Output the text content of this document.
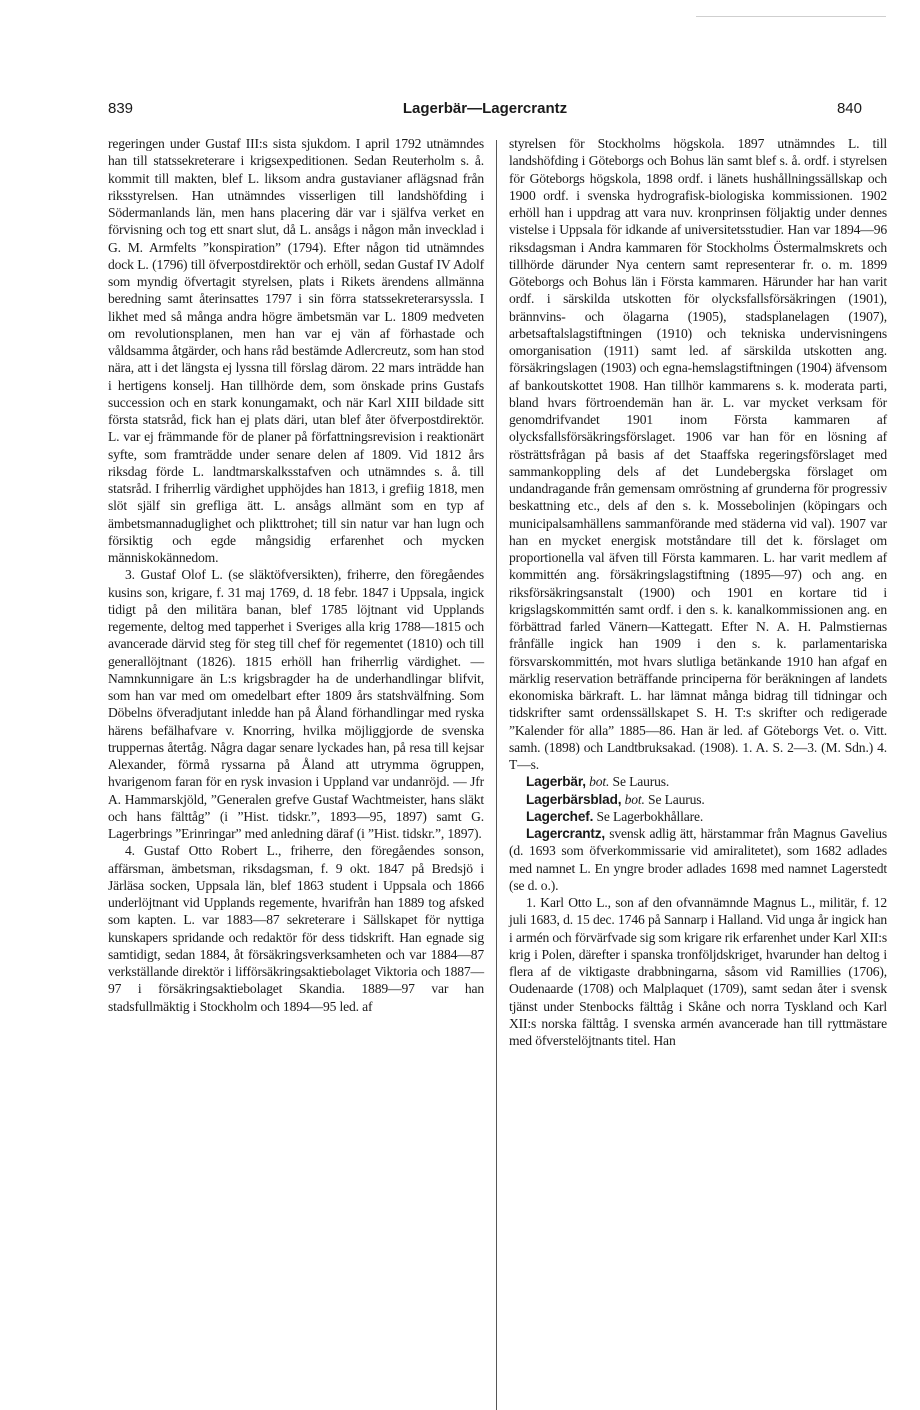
839	Lagerbär—Lagercrantz	840

regeringen under Gustaf III:s sista sjukdom. I april 1792 utnämndes han till statssekreterare i krigsexpeditionen. Sedan Reuterholm s. å. kommit till makten, blef L. liksom andra gustavianer aflägsnad från riksstyrelsen. Han utnämndes visserligen till landshöfding i Södermanlands län, men hans placering där var i själfva verket en förvisning och tog ett snart slut, då L. ansågs i någon mån invecklad i G. M. Armfelts ”konspiration” (1794). Efter någon tid utnämndes dock L. (1796) till öfverpostdirektör och erhöll, sedan Gustaf IV Adolf som myndig öfvertagit styrelsen, plats i Rikets ärendens allmänna beredning samt återinsattes 1797 i sin förra statssekreterarsyssla. I likhet med så många andra högre ämbetsmän var L. 1809 medveten om revolutionsplanen, men han var ej vän af förhastade och våldsamma åtgärder, och hans råd bestämde Adlercreutz, som han stod nära, att i det längsta ej lyssna till förslag därom. 22 mars inträdde han i hertigens konselj. Han tillhörde dem, som önskade prins Gustafs succession och en stark konungamakt, och när Karl XIII bildade sitt första statsråd, fick han ej plats däri, utan blef åter öfverpostdirektör. L. var ej främmande för de planer på författningsrevision i reaktionärt syfte, som framträdde under senare delen af 1809. Vid 1812 års riksdag förde L. landtmarskalksstafven och utnämndes s. å. till statsråd. I friherrlig värdighet upphöjdes han 1813, i grefiig 1818, men slöt själf sin grefliga ätt. L. ansågs allmänt som en typ af ämbetsmannaduglighet och plikttrohet; till sin natur var han lugn och försiktig och egde mångsidig erfarenhet och mycken människokännedom.

3. Gustaf Olof L. (se släktöfversikten), friherre, den föregåendes kusins son, krigare, f. 31 maj 1769, d. 18 febr. 1847 i Uppsala, ingick tidigt på den militära banan, blef 1785 löjtnant vid Upplands regemente, deltog med tapperhet i Sveriges alla krig 1788—1815 och avancerade därvid steg för steg till chef för regementet (1810) och till generallöjtnant (1826). 1815 erhöll han friherrlig värdighet. — Namnkunnigare än L:s krigsbragder ha de underhandlingar blifvit, som han var med om omedelbart efter 1809 års statshvälfning. Som Döbelns öfveradjutant inledde han på Åland förhandlingar med ryska härens befälhafvare v. Knorring, hvilka möjliggjorde de svenska truppernas återtåg. Några dagar senare lyckades han, på resa till kejsar Alexander, förmå ryssarna på Åland att utrymma ögruppen, hvarigenom faran för en rysk invasion i Uppland var undanröjd. — Jfr A. Hammarskjöld, ”Generalen grefve Gustaf Wachtmeister, hans släkt och hans fälttåg” (i ”Hist. tidskr.”, 1893—95, 1897) samt G. Lagerbrings ”Erinringar” med anledning däraf (i ”Hist. tidskr.”, 1897).

4. Gustaf Otto Robert L., friherre, den föregåendes sonson, affärsman, ämbetsman, riksdagsman, f. 9 okt. 1847 på Bredsjö i Järläsa socken, Uppsala län, blef 1863 student i Uppsala och 1866 underlöjtnant vid Upplands regemente, hvarifrån han 1889 tog afsked som kapten. L. var 1883—87 sekreterare i Sällskapet för nyttiga kunskapers spridande och redaktör för dess tidskrift. Han egnade sig samtidigt, sedan 1884, åt försäkringsverksamheten och var 1884—87 verkställande direktör i lifförsäkringsaktiebolaget Viktoria och 1887—97 i försäkringsaktiebolaget Skandia. 1889—97 var han stadsfullmäktig i Stockholm och 1894—95 led. af

styrelsen för Stockholms högskola. 1897 utnämndes L. till landshöfding i Göteborgs och Bohus län samt blef s. å. ordf. i styrelsen för Göteborgs högskola, 1898 ordf. i länets hushållningssällskap och 1900 ordf. i svenska hydrografisk-biologiska kommissionen. 1902 erhöll han i uppdrag att vara nuv. kronprinsen följaktig under dennes vistelse i Uppsala för idkande af universitetsstudier. Han var 1894—96 riksdagsman i Andra kammaren för Stockholms Östermalmskrets och tillhörde därunder Nya centern samt representerar fr. o. m. 1899 Göteborgs och Bohus län i Första kammaren. Härunder har han varit ordf. i särskilda utskotten för olycksfallsförsäkringen (1901), brännvins- och ölagarna (1905), stadsplanelagen (1907), arbetsaftalslagstiftningen (1910) och tekniska undervisningens omorganisation (1911) samt led. af särskilda utskotten ang. försäkringslagen (1903) och egna-hemslagstiftningen (1904) äfvensom af bankoutskottet 1908. Han tillhör kammarens s. k. moderata parti, bland hvars förtroendemän han är. L. var mycket verksam för genomdrifvandet 1901 inom Första kammaren af olycksfallsförsäkringsförslaget. 1906 var han för en lösning af rösträttsfrågan på basis af det Staaffska regeringsförslaget med sammankoppling dels af det Lundebergska förslaget om undandragande från gemensam omröstning af grunderna för progressiv beskattning etc., dels af den s. k. Mossebolinjen (köpingars och municipalsamhällens sammanförande med städerna vid val). 1907 var han en mycket energisk motståndare till det k. förslaget om proportionella val äfven till Första kammaren. L. har varit medlem af kommittén ang. försäkringslagstiftning (1895—97) och ang. en riksförsäkringsanstalt (1900) och 1901 en kortare tid i krigslagskommittén samt ordf. i den s. k. kanalkommissionen ang. en förbättrad farled Vänern—Kattegatt. Efter N. A. H. Palmstiernas frånfälle ingick han 1909 i den s. k. parlamentariska försvarskommittén, mot hvars slutliga betänkande 1910 han afgaf en märklig reservation beträffande principerna för beräkningen af landets ekonomiska bärkraft. L. har lämnat många bidrag till tidningar och tidskrifter samt ordenssällskapet S. H. T:s skrifter och redigerade ”Kalender för alla” 1885—86. Han är led. af Göteborgs Vet. o. Vitt. samh. (1898) och Landtbruksakad. (1908). 1. A. S. 2—3. (M. Sdn.) 4. T—s.

Lagerbär, bot. Se Laurus.

Lagerbärsblad, bot. Se Laurus.

Lagerchef. Se Lagerbokhållare.

Lagercrantz, svensk adlig ätt, härstammar från Magnus Gavelius (d. 1693 som öfverkommissarie vid amiralitetet), som 1682 adlades med namnet L. En yngre broder adlades 1698 med namnet Lagerstedt (se d. o.).

1. Karl Otto L., son af den ofvannämnde Magnus L., militär, f. 12 juli 1683, d. 15 dec. 1746 på Sannarp i Halland. Vid unga år ingick han i armén och förvärfvade sig som krigare rik erfarenhet under Karl XII:s krig i Polen, därefter i spanska tronföljdskriget, hvarunder han deltog i flera af de viktigaste drabbningarna, såsom vid Ramillies (1706), Oudenaarde (1708) och Malplaquet (1709), samt sedan åter i svensk tjänst under Stenbocks fälttåg i Skåne och norra Tyskland och Karl XII:s norska fälttåg. I svenska armén avancerade han till ryttmästare med öfverstelöjtnants titel. Han
